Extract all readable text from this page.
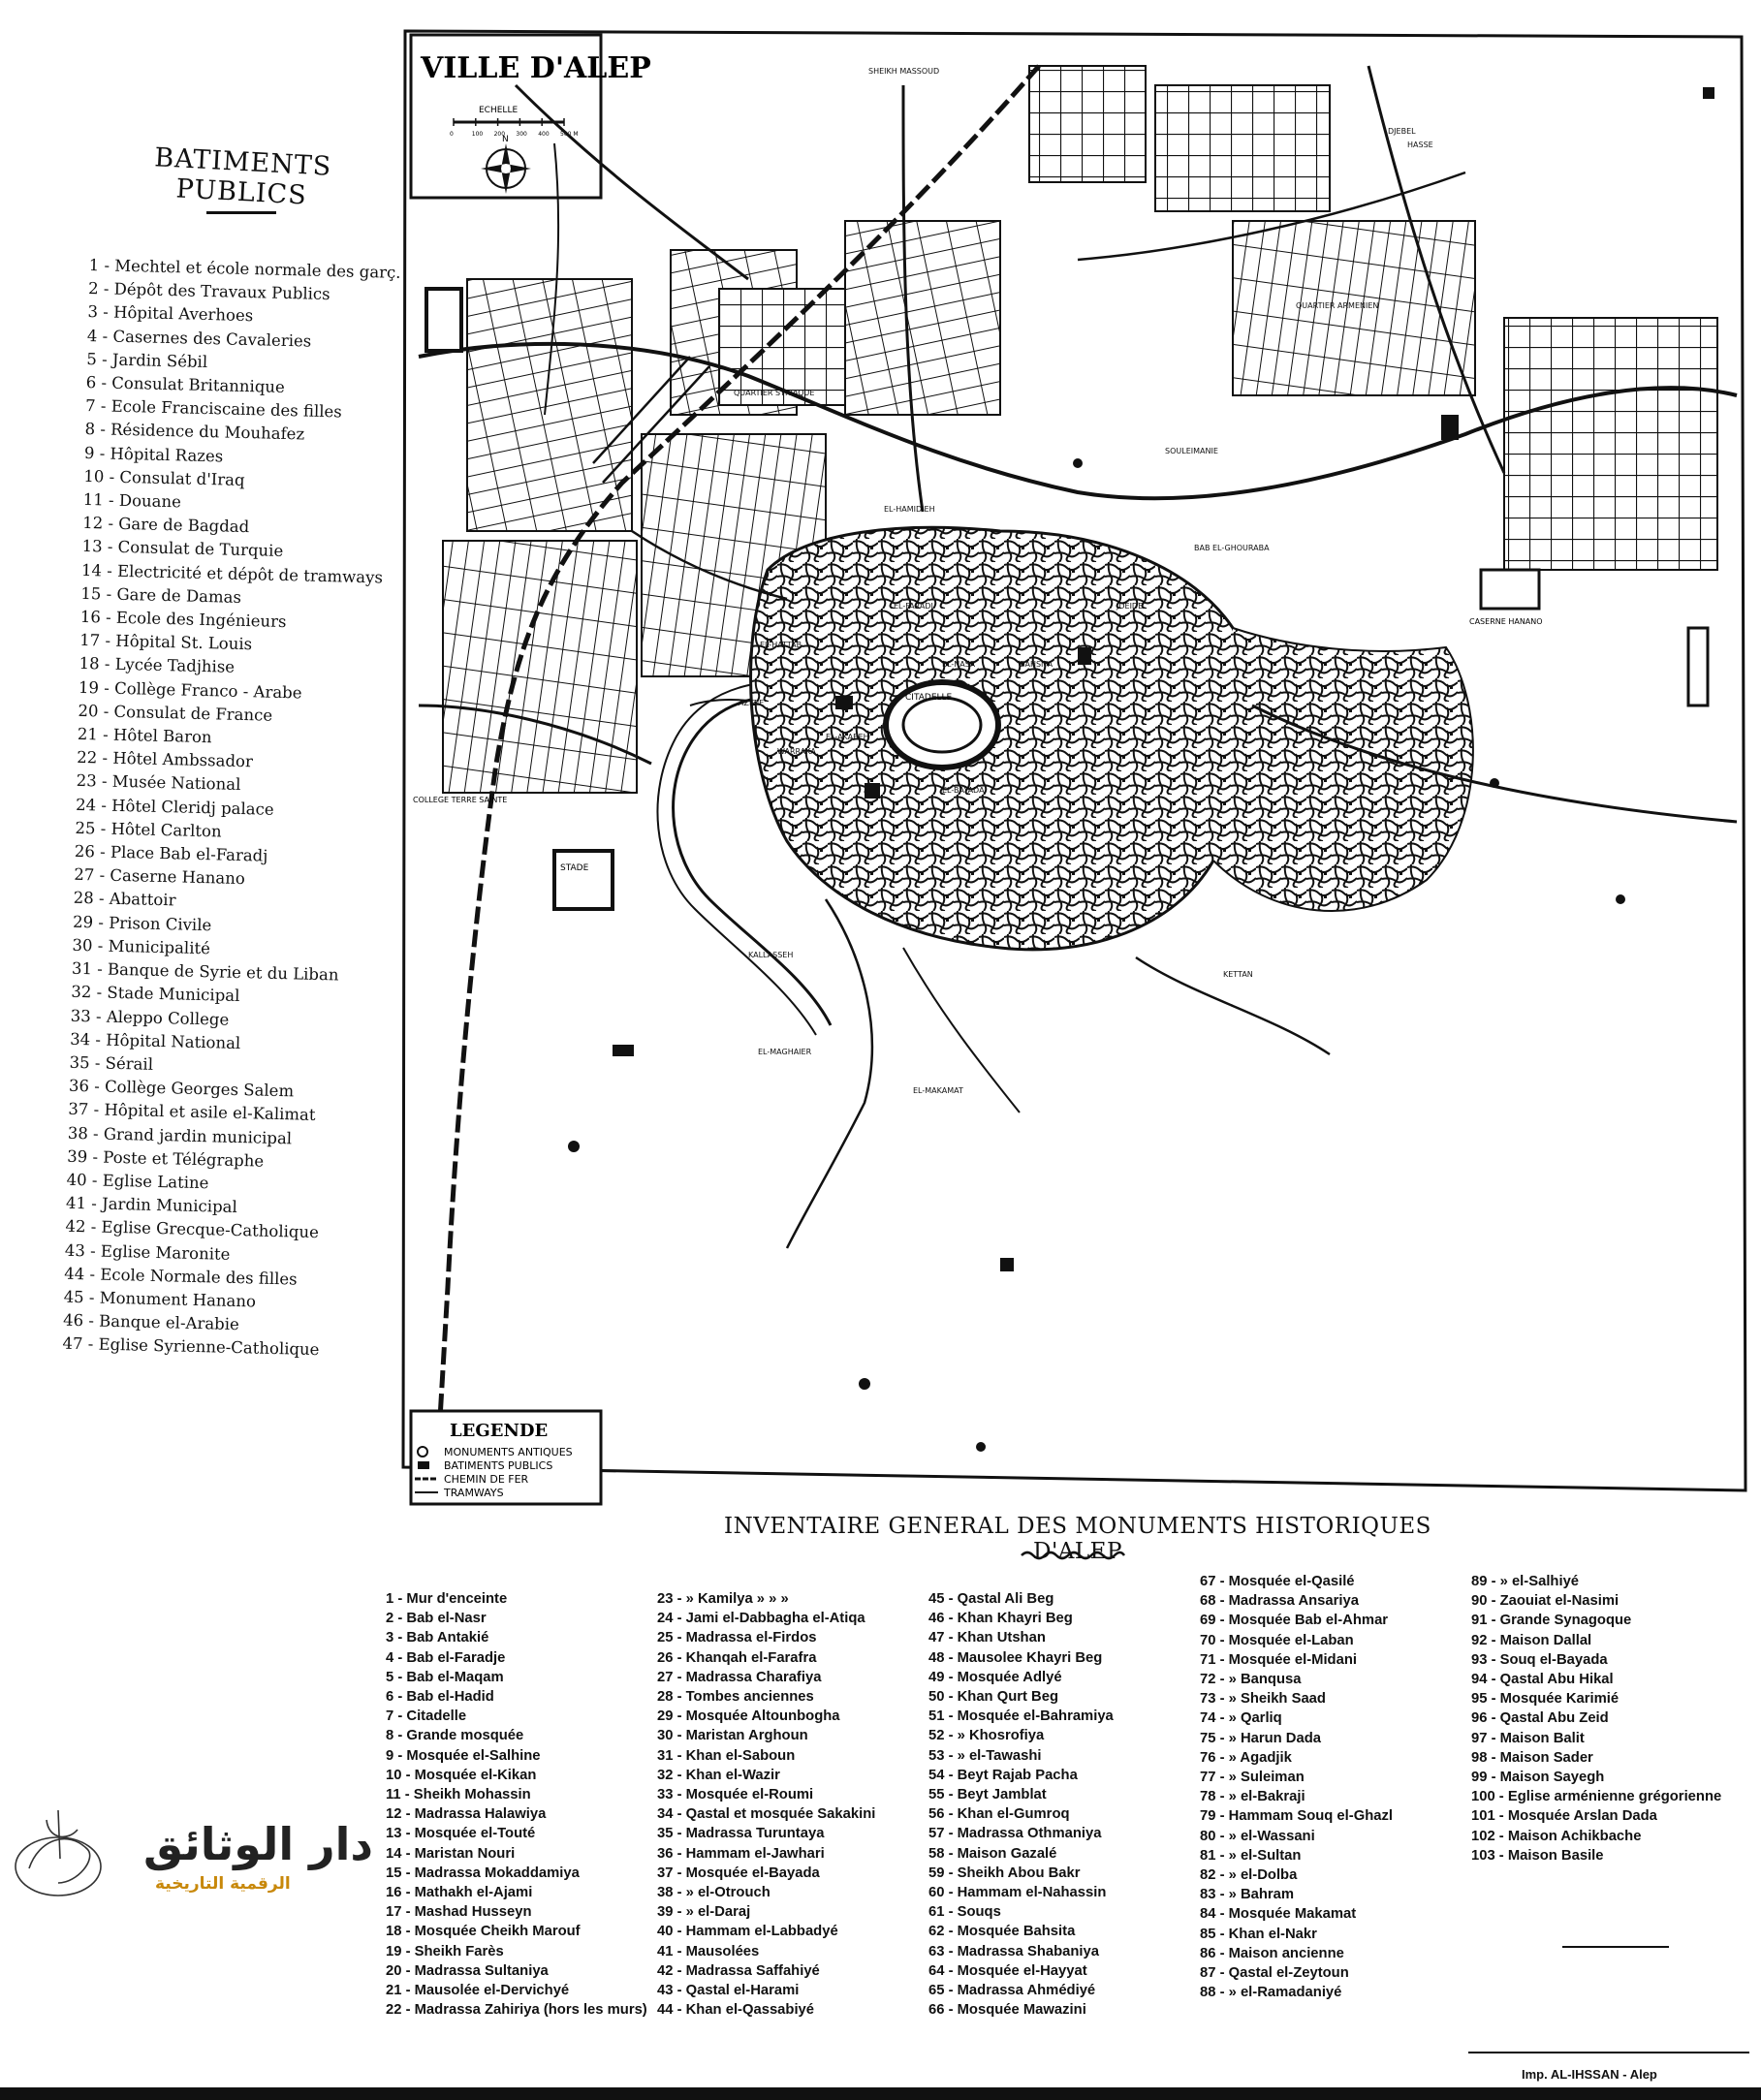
BATIMENTS PUBLICS
1 - Mechtel et école normale des garç.
2 - Dépôt des Travaux Publics
3 - Hôpital Averhoes
4 - Casernes des Cavaleries
5 - Jardin Sébil
6 - Consulat Britannique
7 - Ecole Franciscaine des filles
8 - Résidence du Mouhafez
9 - Hôpital Razes
10 - Consulat d'Iraq
11 - Douane
12 - Gare de Bagdad
13 - Consulat de Turquie
14 - Electricité et dépôt de tramways
15 - Gare de Damas
16 - Ecole des Ingénieurs
17 - Hôpital St. Louis
18 - Lycée Tadjhise
19 - Collège Franco - Arabe
20 - Consulat de France
21 - Hôtel Baron
22 - Hôtel Ambssador
23 - Musée National
24 - Hôtel Cleridj palace
25 - Hôtel Carlton
26 - Place Bab el-Faradj
27 - Caserne Hanano
28 - Abattoir
29 - Prison Civile
30 - Municipalité
31 - Banque de Syrie et du Liban
32 - Stade Municipal
33 - Aleppo College
34 - Hôpital National
35 - Sérail
36 - Collège Georges Salem
37 - Hôpital et asile el-Kalimat
38 - Grand jardin municipal
39 - Poste et Télégraphe
40 - Eglise Latine
41 - Jardin Municipal
42 - Eglise Grecque-Catholique
43 - Eglise Maronite
44 - Ecole Normale des filles
45 - Monument Hanano
46 - Banque el-Arabie
47 - Eglise Syrienne-Catholique
VILLE D'ALEP
ECHELLE
0	100 200 300 400 500 M
N
CITADELLE
STADE
CASERNE HANANO
SHEIKH MASSOUD
DJEBEL
HASSE
QUARTIER SYRIAQUE
QUARTIER ARMENIEN
SOULEIMANIE
AZIZIE
EL-HAMIDIEH
EL-NASR	BAHSITA
EL-FARADJ	JDEIDE
KALLASSEH
EL-MAGHAIER
BAB EL-GHOURABA
EL-BAYADA
KETTAN
EL-MAKAMAT
EL-HATTAB
WARRAKA
EL-AKABEH
COLLEGE TERRE SAINTE
LEGENDE
MONUMENTS ANTIQUES
BATIMENTS PUBLICS
CHEMIN DE FER
TRAMWAYS
INVENTAIRE GENERAL DES MONUMENTS HISTORIQUES D'ALEP
1 - Mur d'enceinte
2 - Bab el-Nasr
3 - Bab Antakié
4 - Bab el-Faradje
5 - Bab el-Maqam
6 - Bab el-Hadid
7 - Citadelle
8 - Grande mosquée
9 - Mosquée el-Salhine
10 - Mosquée el-Kikan
11 - Sheikh Mohassin
12 - Madrassa Halawiya
13 - Mosquée el-Touté
14 - Maristan Nouri
15 - Madrassa Mokaddamiya
16 - Mathakh el-Ajami
17 - Mashad Husseyn
18 - Mosquée Cheikh Marouf
19 - Sheikh Farès
20 - Madrassa Sultaniya
21 - Mausolée el-Dervichyé
22 - Madrassa Zahiriya (hors les murs)
23 - » Kamilya » » »
24 - Jami el-Dabbagha el-Atiqa
25 - Madrassa el-Firdos
26 - Khanqah el-Farafra
27 - Madrassa Charafiya
28 - Tombes anciennes
29 - Mosquée Altounbogha
30 - Maristan Arghoun
31 - Khan el-Saboun
32 - Khan el-Wazir
33 - Mosquée el-Roumi
34 - Qastal et mosquée Sakakini
35 - Madrassa Turuntaya
36 - Hammam el-Jawhari
37 - Mosquée el-Bayada
38 - » el-Otrouch
39 - » el-Daraj
40 - Hammam el-Labbadyé
41 - Mausolées
42 - Madrassa Saffahiyé
43 - Qastal el-Harami
44 - Khan el-Qassabiyé
45 - Qastal Ali Beg
46 - Khan Khayri Beg
47 - Khan Utshan
48 - Mausolee Khayri Beg
49 - Mosquée Adlyé
50 - Khan Qurt Beg
51 - Mosquée el-Bahramiya
52 - » Khosrofiya
53 - » el-Tawashi
54 - Beyt Rajab Pacha
55 - Beyt Jamblat
56 - Khan el-Gumroq
57 - Madrassa Othmaniya
58 - Maison Gazalé
59 - Sheikh Abou Bakr
60 - Hammam el-Nahassin
61 - Souqs
62 - Mosquée Bahsita
63 - Madrassa Shabaniya
64 - Mosquée el-Hayyat
65 - Madrassa Ahmédiyé
66 - Mosquée Mawazini
67 - Mosquée el-Qasilé
68 - Madrassa Ansariya
69 - Mosquée Bab el-Ahmar
70 - Mosquée el-Laban
71 - Mosquée el-Midani
72 - » Banqusa
73 - » Sheikh Saad
74 - » Qarliq
75 - » Harun Dada
76 - » Agadjik
77 - » Suleiman
78 - » el-Bakraji
79 - Hammam Souq el-Ghazl
80 - » el-Wassani
81 - » el-Sultan
82 - » el-Dolba
83 - » Bahram
84 - Mosquée Makamat
85 - Khan el-Nakr
86 - Maison ancienne
87 - Qastal el-Zeytoun
88 - » el-Ramadaniyé
89 - » el-Salhiyé
90 - Zaouiat el-Nasimi
91 - Grande Synagoque
92 - Maison Dallal
93 - Souq el-Bayada
94 - Qastal Abu Hikal
95 - Mosquée Karimié
96 - Qastal Abu Zeid
97 - Maison Balit
98 - Maison Sader
99 - Maison Sayegh
100 - Eglise arménienne grégorienne
101 - Mosquée Arslan Dada
102 - Maison Achikbache
103 - Maison Basile
Imp. AL-IHSSAN - Alep
دار الوثائق
الرقمية التاريخية
